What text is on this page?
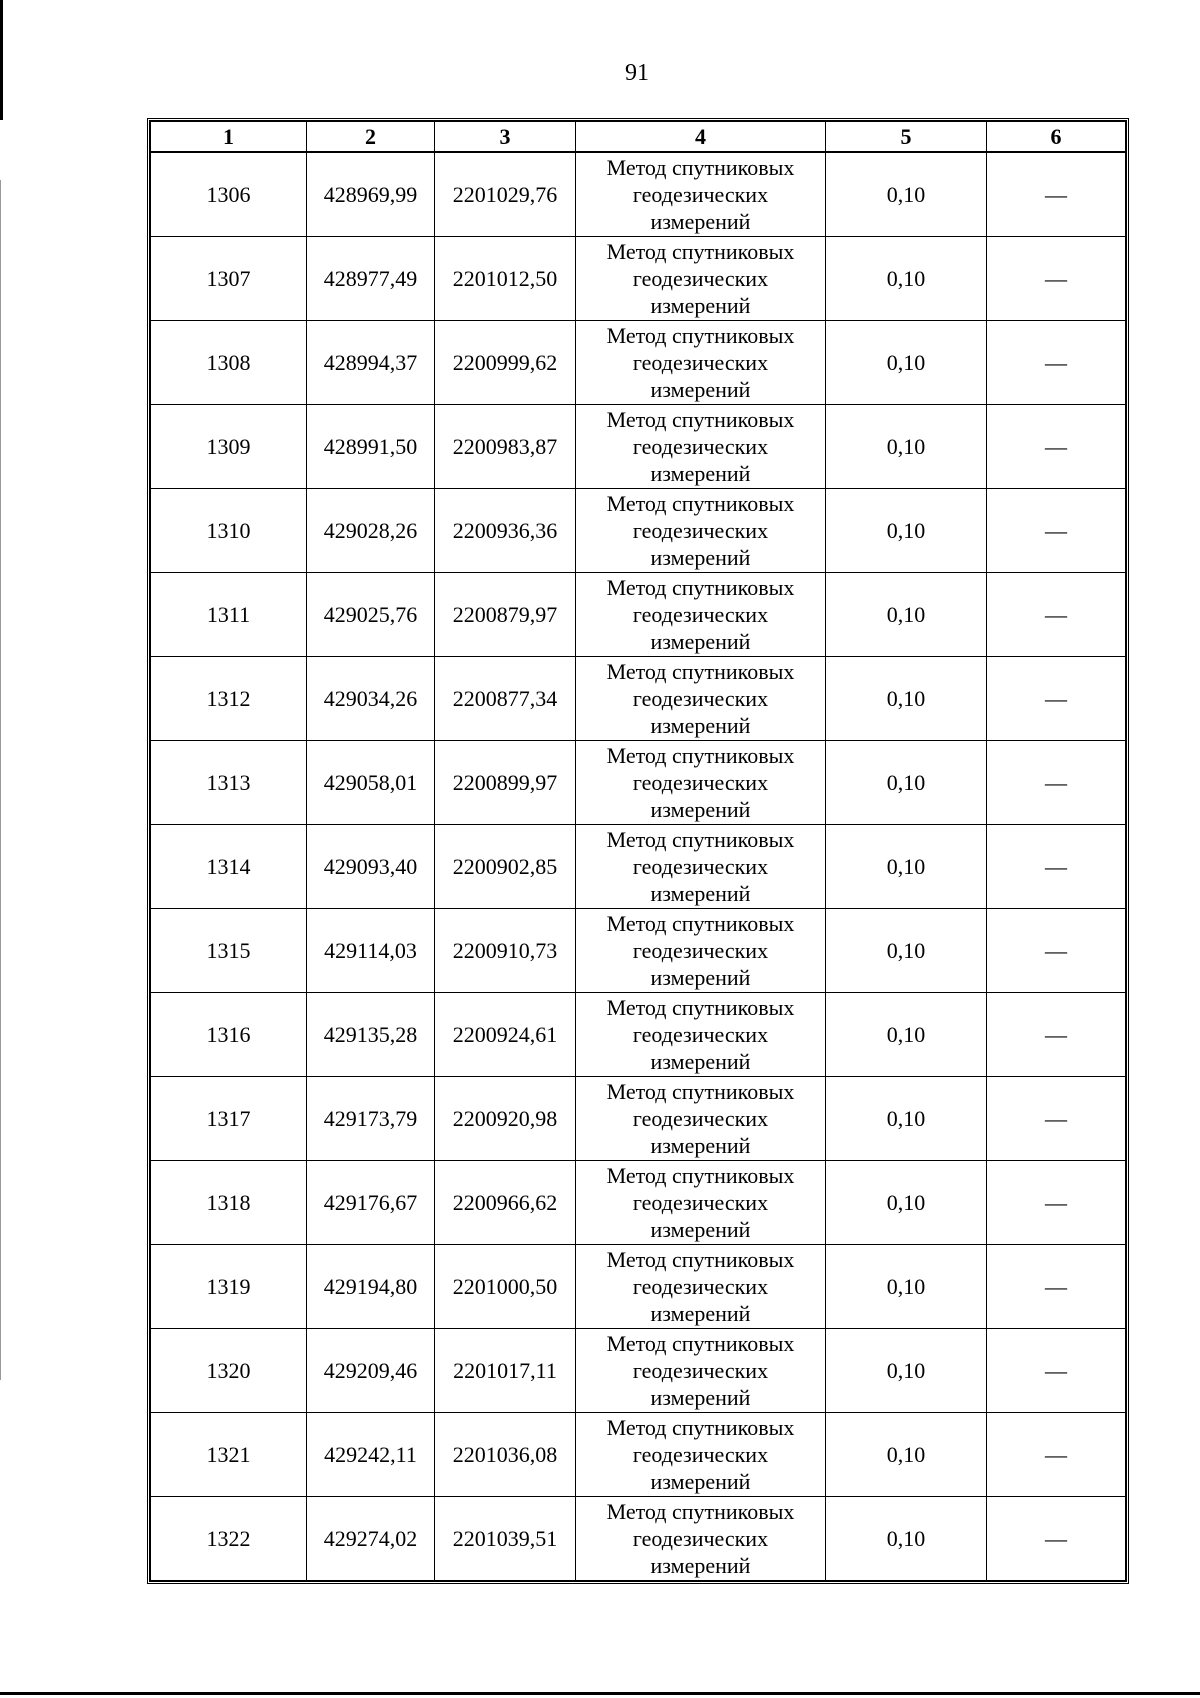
91
1	2	3	4	5	6
1306	428969,99	2201029,76	Метод спутниковых
геодезических
измерений	0,10	—
1307	428977,49	2201012,50	Метод спутниковых
геодезических
измерений	0,10	—
1308	428994,37	2200999,62	Метод спутниковых
геодезических
измерений	0,10	—
1309	428991,50	2200983,87	Метод спутниковых
геодезических
измерений	0,10	—
1310	429028,26	2200936,36	Метод спутниковых
геодезических
измерений	0,10	—
1311	429025,76	2200879,97	Метод спутниковых
геодезических
измерений	0,10	—
1312	429034,26	2200877,34	Метод спутниковых
геодезических
измерений	0,10	—
1313	429058,01	2200899,97	Метод спутниковых
геодезических
измерений	0,10	—
1314	429093,40	2200902,85	Метод спутниковых
геодезических
измерений	0,10	—
1315	429114,03	2200910,73	Метод спутниковых
геодезических
измерений	0,10	—
1316	429135,28	2200924,61	Метод спутниковых
геодезических
измерений	0,10	—
1317	429173,79	2200920,98	Метод спутниковых
геодезических
измерений	0,10	—
1318	429176,67	2200966,62	Метод спутниковых
геодезических
измерений	0,10	—
1319	429194,80	2201000,50	Метод спутниковых
геодезических
измерений	0,10	—
1320	429209,46	2201017,11	Метод спутниковых
геодезических
измерений	0,10	—
1321	429242,11	2201036,08	Метод спутниковых
геодезических
измерений	0,10	—
1322	429274,02	2201039,51	Метод спутниковых
геодезических
измерений	0,10	—
